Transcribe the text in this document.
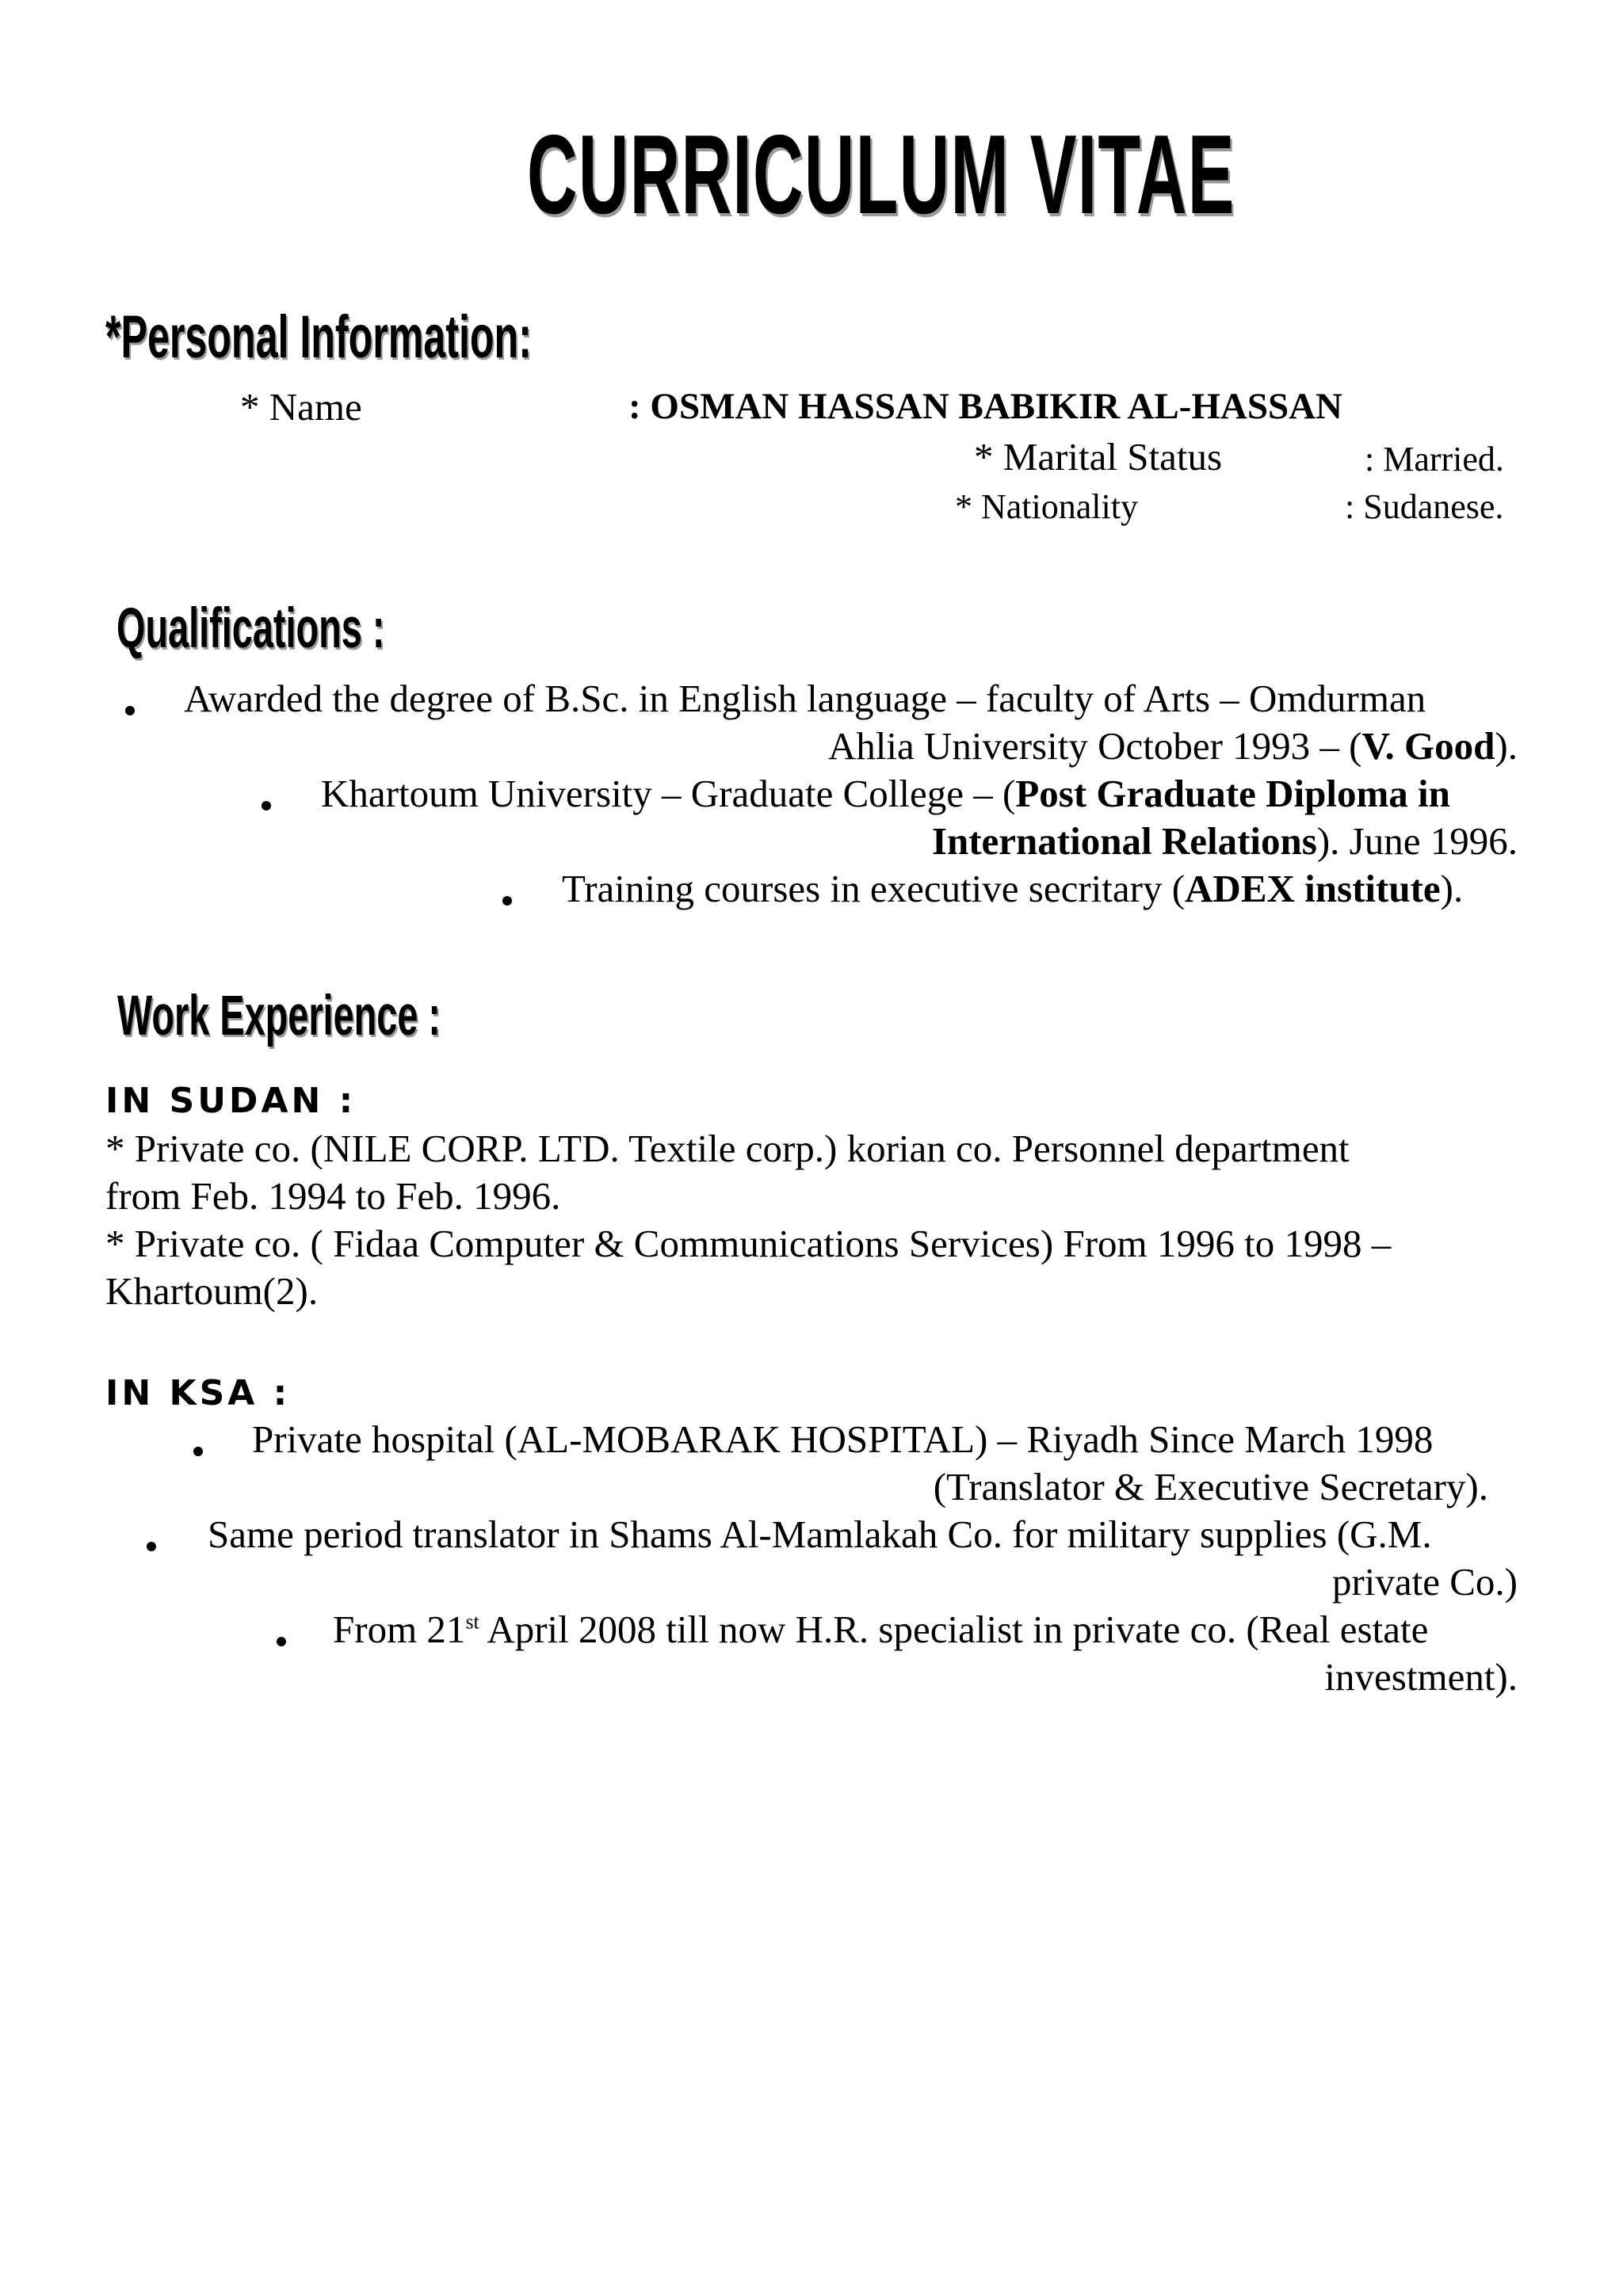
CURRICULUM VITAE
*Personal Information:
* Name	: OSMAN HASSAN BABIKIR AL-HASSAN
* Marital Status	: Married.
* Nationality	: Sudanese.
Qualifications :
Awarded the degree of B.Sc. in English language – faculty of Arts – Omdurman
Ahlia University October 1993 – (V. Good).
Khartoum University – Graduate College – (Post Graduate Diploma in
International Relations). June 1996.
Training courses in executive secritary (ADEX institute).
Work Experience :
IN SUDAN :
* Private co. (NILE CORP. LTD. Textile corp.) korian co. Personnel department
from Feb. 1994 to Feb. 1996.
* Private co. ( Fidaa Computer & Communications Services) From 1996 to 1998 –
Khartoum(2).
IN KSA :
Private hospital (AL-MOBARAK HOSPITAL) – Riyadh Since March 1998
(Translator & Executive Secretary).
Same period translator in Shams Al-Mamlakah Co. for military supplies (G.M.
private Co.)
From 21st April 2008 till now H.R. specialist in private co. (Real estate
investment).
